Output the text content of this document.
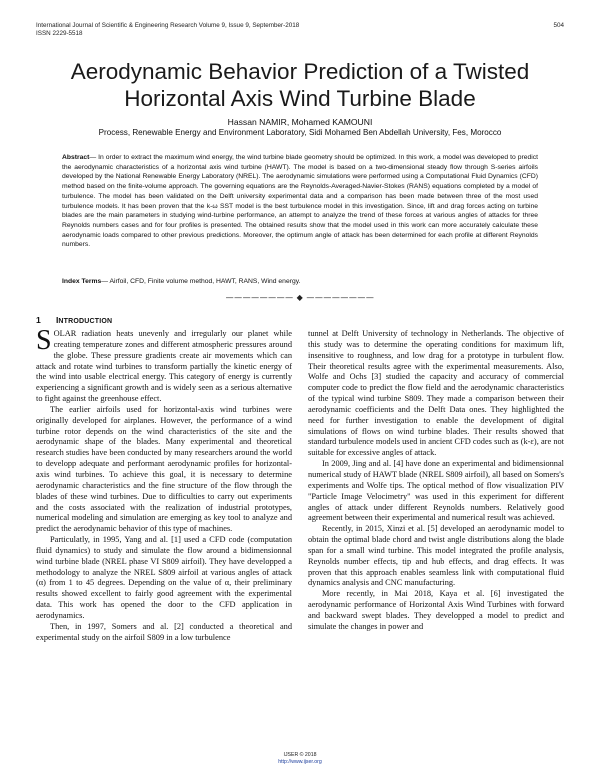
International Journal of Scientific & Engineering Research Volume 9, Issue 9, September-2018
ISSN 2229-5518
504
Aerodynamic Behavior Prediction of a Twisted Horizontal Axis Wind Turbine Blade
Hassan NAMIR, Mohamed KAMOUNI
Process, Renewable Energy and Environment Laboratory, Sidi Mohamed Ben Abdellah University, Fes, Morocco
Abstract— In order to extract the maximum wind energy, the wind turbine blade geometry should be optimized. In this work, a model was developed to predict the aerodynamic characteristics of a horizontal axis wind turbine (HAWT). The model is based on a two-dimensional steady flow through S-series airfoils developed by the National Renewable Energy Laboratory (NREL). The aerodynamic simulations were performed using a Computational Fluid Dynamics (CFD) method based on the finite-volume approach. The governing equations are the Reynolds-Averaged-Navier-Stokes (RANS) equations completed by a model of turbulence. The model has been validated on the Delft university experimental data and a comparison has been made between three of the most used turbulence models. It has been proven that the k-ω SST model is the best turbulence model in this investigation. Since, lift and drag forces acting on turbine blades are the main parameters in studying wind-turbine performance, an attempt to analyze the trend of these forces at various angles of attacks for three Reynolds numbers cases and for four profiles is presented. The obtained results show that the model used in this work can more accurately calculate these aerodynamic loads compared to other previous predictions. Moreover, the optimum angle of attack has been determined for each profile at different Reynolds numbers.
Index Terms— Airfoil, CFD, Finite volume method, HAWT, RANS, Wind energy.
———————— ◆ ————————
1 INTRODUCTION

SOLAR radiation heats unevenly and irregularly our planet while creating temperature zones and different atmospheric pressures around the globe. These pressure gradients create air movements which can attack and rotate wind turbines to transform partially the kinetic energy of the wind into usable electrical energy. This category of energy is currently experiencing a significant growth and is widely seen as a serious alternative to fight against the greenhouse effect.

The earlier airfoils used for horizontal-axis wind turbines were originally developed for airplanes. However, the performance of a wind turbine rotor depends on the wind characteristics of the site and the aerodynamic shape of the blades. Many experimental and theoretical research studies have been conducted by many researchers around the world to developp adequate and performant aerodynamic profiles for horizontal-axis wind turbines. To achieve this goal, it is necessary to determine aerodynamic characteristics and the fine structure of the flow through the blades of these wind turbines. Due to difficulties to carry out experiments and the costs associated with the realization of industrial prototypes, numerical modeling and simulation are emerging as key tool to analyze and predict the aerodynamic behavior of this type of machines.

Particulatly, in 1995, Yang and al. [1] used a CFD code (computation fluid dynamics) to study and simulate the flow around a bidimensionnal wind turbine blade (NREL phase VI S809 airfoil). They have developped a methodology to analyze the NREL S809 airfoil at various angles of attack (α) from 1 to 45 degrees. Depending on the value of α, their preliminary results showed excellent to fairly good agreement with the experimental data. This work has opened the door to the CFD application in aerodynamics.

Then, in 1997, Somers and al. [2] conducted a theoretical and experimental study on the airfoil S809 in a low turbulence

tunnel at Delft University of technology in Netherlands. The objective of this study was to determine the operating conditions for maximum lift, insensitive to roughness, and low drag for a prototype in turbulent flow. Their theoretical results agree with the experimental measurements. Also, Wolfe and Ochs [3] studied the capacity and accuracy of commercial computer code to predict the flow field and the aerodynamic characteristics of the typical wind turbine S809. They made a comparison between their aerodynamic coefficients and the Delft Data ones. They highlighted the need for further investigation to enable the development of digital simulations of flows on wind turbine blades. Their results showed that standard turbulence models used in ancient CFD codes such as (k-ε), are not suitable for excessive angles of attack.

In 2009, Jing and al. [4] have done an experimental and bidimensionnal numerical study of HAWT blade (NREL S809 airfoil), all based on Somers's experiments and Wolfe tips. The optical method of flow visualization PIV "Particle Image Velocimetry" was used in this experiment for different angles of attack under different Reynolds numbers. Relatively good agreement between their experimental and numerical result was achieved.

Recently, in 2015, Xinzi et al. [5] developed an aerodynamic model to obtain the optimal blade chord and twist angle distributions along the blade span for a small wind turbine. This model integrated the profile analysis, Reynolds number effects, tip and hub effects, and drag effects. It was proven that this approach enables seamless link with computational fluid dynamics analysis and CNC manufacturing.

More recently, in Mai 2018, Kaya et al. [6] investigated the aerodynamic performance of Horizontal Axis Wind Turbines with forward and backward swept blades. They developped a model to predict and simulate the changes in power and

IJSER © 2018
http://www.ijser.org
